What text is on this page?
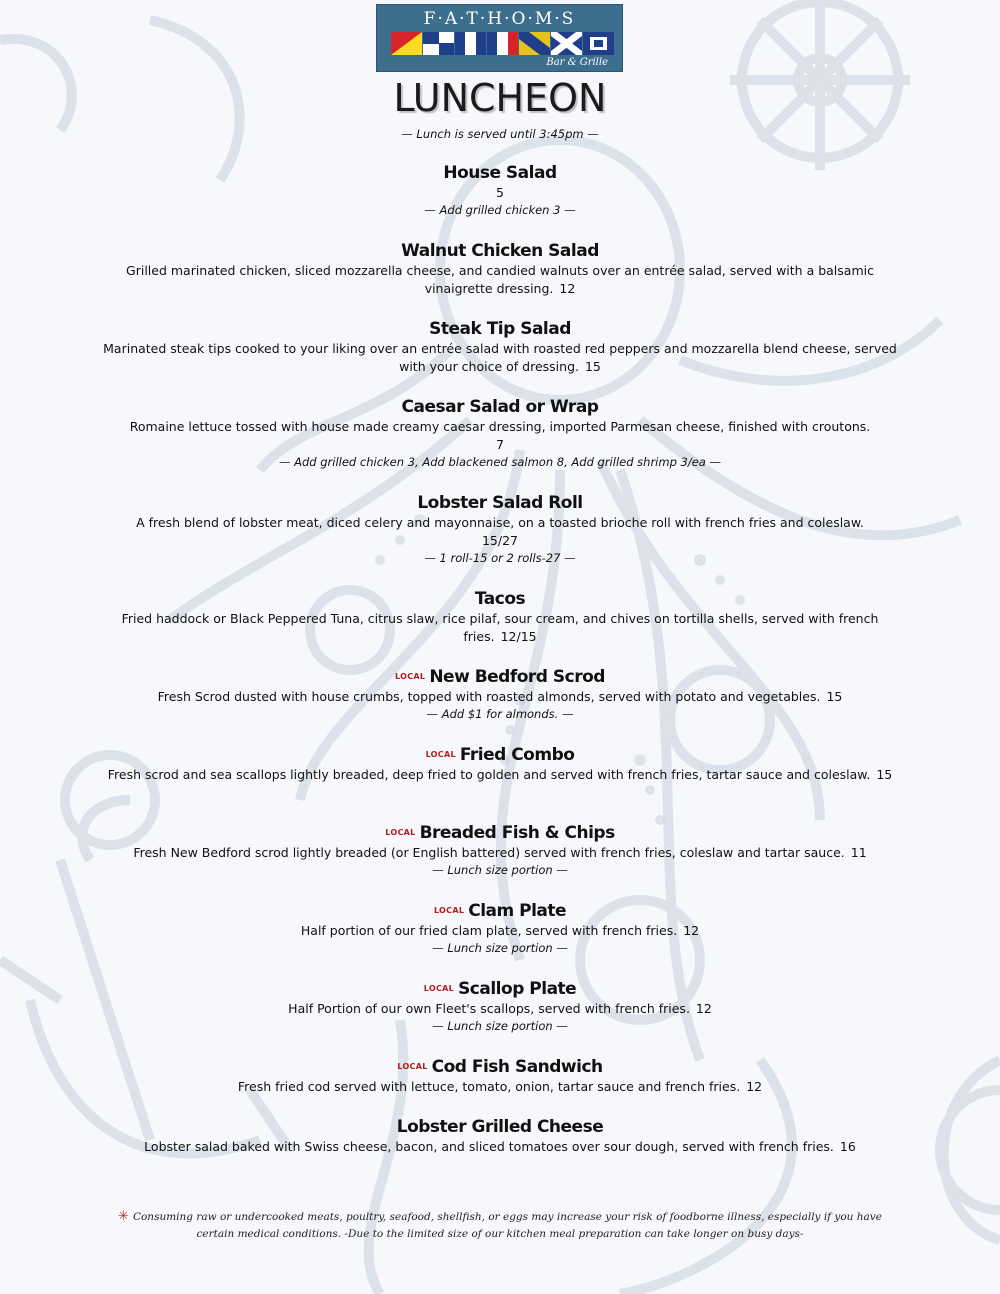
F·A·T·H·O·M·S
Bar & Grille
LUNCHEON
— Lunch is served until 3:45pm —
House Salad
5
— Add grilled chicken 3 —
Walnut Chicken Salad
Grilled marinated chicken, sliced mozzarella cheese, and candied walnuts over an entrée salad, served with a balsamic vinaigrette dressing. 12
Steak Tip Salad
Marinated steak tips cooked to your liking over an entrée salad with roasted red peppers and mozzarella blend cheese, served with your choice of dressing. 15
Caesar Salad or Wrap
Romaine lettuce tossed with house made creamy caesar dressing, imported Parmesan cheese, finished with croutons.
7
— Add grilled chicken 3, Add blackened salmon 8, Add grilled shrimp 3/ea —
Lobster Salad Roll
A fresh blend of lobster meat, diced celery and mayonnaise, on a toasted brioche roll with french fries and coleslaw.
15/27
— 1 roll-15 or 2 rolls-27 —
Tacos
Fried haddock or Black Peppered Tuna, citrus slaw, rice pilaf, sour cream, and chives on tortilla shells, served with french fries. 12/15
LOCAL New Bedford Scrod
Fresh Scrod dusted with house crumbs, topped with roasted almonds, served with potato and vegetables. 15
— Add $1 for almonds. —
LOCAL Fried Combo
Fresh scrod and sea scallops lightly breaded, deep fried to golden and served with french fries, tartar sauce and coleslaw. 15
LOCAL Breaded Fish & Chips
Fresh New Bedford scrod lightly breaded (or English battered) served with french fries, coleslaw and tartar sauce. 11
— Lunch size portion —
LOCAL Clam Plate
Half portion of our fried clam plate, served with french fries. 12
— Lunch size portion —
LOCAL Scallop Plate
Half Portion of our own Fleet's scallops, served with french fries. 12
— Lunch size portion —
LOCAL Cod Fish Sandwich
Fresh fried cod served with lettuce, tomato, onion, tartar sauce and french fries. 12
Lobster Grilled Cheese
Lobster salad baked with Swiss cheese, bacon, and sliced tomatoes over sour dough, served with french fries. 16
✳ Consuming raw or undercooked meats, poultry, seafood, shellfish, or eggs may increase your risk of foodborne illness, especially if you have certain medical conditions. -Due to the limited size of our kitchen meal preparation can take longer on busy days-
